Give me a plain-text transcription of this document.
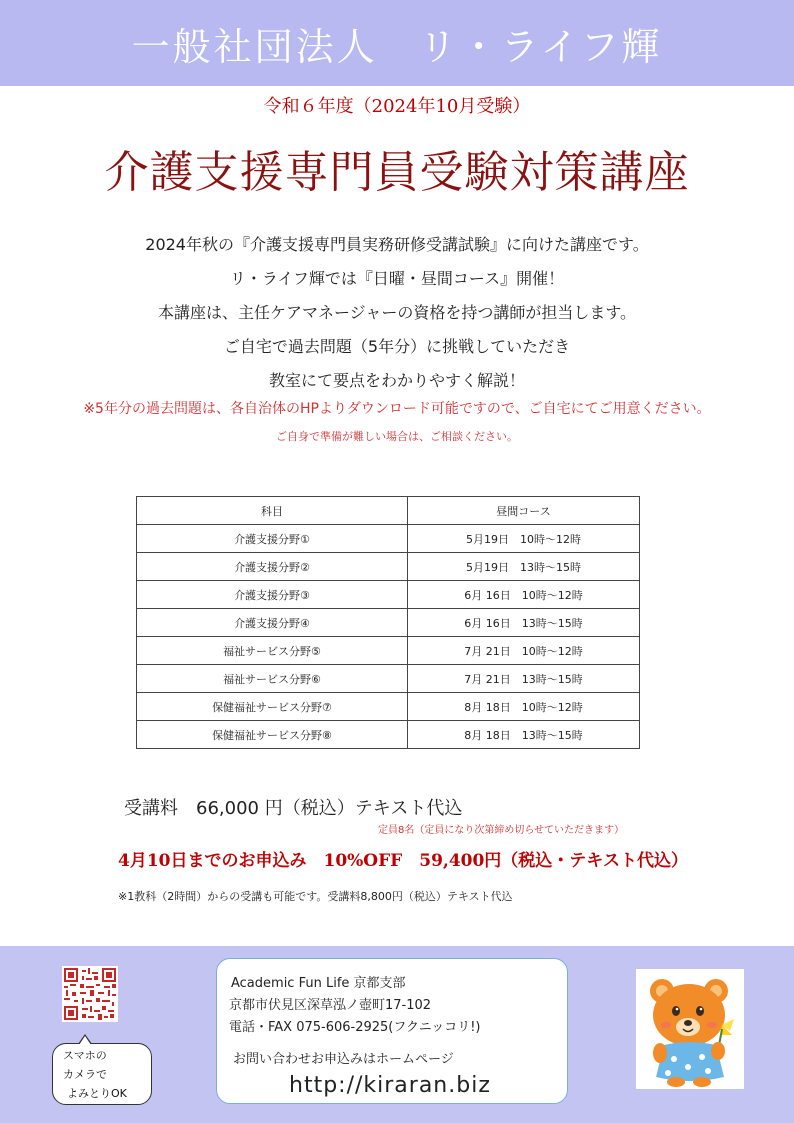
一般社団法人　リ・ライフ輝
令和６年度（2024年10月受験）
介護支援専門員受験対策講座
2024年秋の『介護支援専門員実務研修受講試験』に向けた講座です。
リ・ライフ輝では『日曜・昼間コース』開催！
本講座は、主任ケアマネージャーの資格を持つ講師が担当します。
ご自宅で過去問題（5年分）に挑戦していただき
教室にて要点をわかりやすく解説！
※5年分の過去問題は、各自治体のHPよりダウンロード可能ですので、ご自宅にてご用意ください。
ご自身で準備が難しい場合は、ご相談ください。
科目	昼間コース
介護支援分野①	5月19日　10時～12時
介護支援分野②	5月19日　13時～15時
介護支援分野③	6月 16日　10時～12時
介護支援分野④	6月 16日　13時～15時
福祉サービス分野⑤	7月 21日　10時～12時
福祉サービス分野⑥	7月 21日　13時～15時
保健福祉サービス分野⑦	8月 18日　10時～12時
保健福祉サービス分野⑧	8月 18日　13時～15時
受講料　66,000 円（税込）テキスト代込
定員8名（定員になり次第締め切らせていただきます）
4月10日までのお申込み　10%OFF　59,400円（税込・テキスト代込）
※1教科（2時間）からの受講も可能です。受講料8,800円（税込）テキスト代込
スマホの
カメラで
よみとりOK
Academic Fun Life 京都支部
京都市伏見区深草泓ノ壺町17-102
電話・FAX 075-606-2925(フクニッコリ!)
お問い合わせお申込みはホームページ
http://kiraran.biz
